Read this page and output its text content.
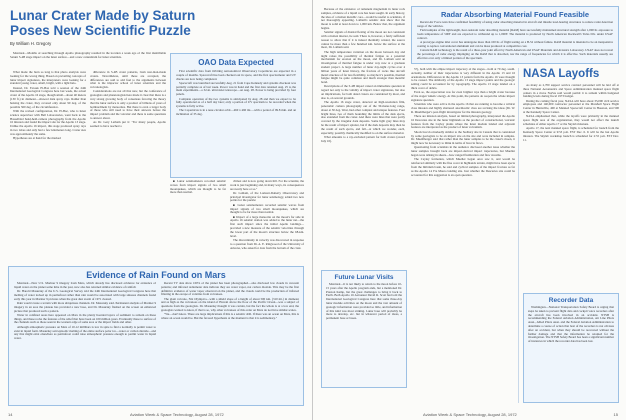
Lunar Crater Made by Saturn
Poses New Scientific Puzzle
By William H. Gregory

Montreal—Months of searching through Apollo photography resulted in the location a week ago of the first identifiable Saturn S-4B stage impact on the lunar surface—and a new conundrum for lunar scientists.

What made the burn so long is that photo analysts were looking for the wrong thing. Based on prevailing concepts of lunar impact signatures, the interpreters were looking for a standard young crater, small, bright, with a light halo.

Instead, Dr. Farouk El-Baz told a session of the 24th International Geological Congress here last week, the actual crater of the Apollo 16 stage, though small—about 40 meters (130 ft.) in diameter—showed dark spray rays. Rather than haloing the crater, they covered only about 90 deg. of the possible 360 deg. of the circumference.

With the revised configuration, Dr. El-Baz, who is lunar science supervisor with Bell Laboratories, went back to the Hasselblad hand-held-camera photography from the Apollo 16 mission and found the impact site for the Apollo 13 stage. Unlike the Apollo 16 impact, this stage produced spray rays in two lobes and only had a few kilometers long. Crater size was approximately the same.

Hypotheses are at hand for the marked

difference in S-4B crater patterns, from non-man-made craters. Nevertheless, until these are accepted, the differences are said to add fuel to the arguments between what is the impactor school of lunar scientists and the volcanologists.

Considerations are not all that new, but the conference of geologists and planetologists here made it clear that there is a very strong growing body of consensus favoring the theory that the lunar surface is only a product of billions of years of bombardment by meteorites. But there is even a larger body of those who still need to have their answers before the impact problem and the volcanic and there is some questions to answer about.

As Dr. Gary Latham put it: "For many people, Apollo seemed to have reached a

OAO Data Expected

First scientific data from Orbiting Astronomical Observatory Copernicus are expected in a couple of months. Spacecraft has been checked out in space, and the first spectrometer and UV checks are now being completed.

Spacecraft was launched successfully Aug. 21 from Cape Kennedy and systems checkout was partially complete as of last week. Power was in hand and the first data returned Aug. 25 to the main experiments—a 32-in. ultraviolet telescope—on Aug. 28. Power is being provided by four panels.

Complete operation of the two systems is anticipated by Aug. 28 and then we expect to be fully operational as of a half day later; only a portion of UV spectrum to be recorded when the systems is fully active.

The Copernicus is in a near-circular orbit—460 x 460 mi.—with a period of 99.8 min. and an inclination of 35 deg.

climax and is now going down hill. For the scientist, the work is just beginning and, in many ways, its consequences are nearly here or so."

Dr. Latham, of the Lamont-Doherty Observatory and principal investigator for lunar seismology, added two new points for the puzzle:

■ Lunar seismometers recorded seismic waves from impact signals of two small moonquakes, which are thought to be far more than normal.

■ Impact of a large meteorite on the moon's far side in Apollo 16 seismic station was added to the lunar net—the first such impact since the initial Apollo landings—provided a new measure of the seismic velocities through the lower part of the moon's structure below the 68-km. level.

The discontinuity in velocity was discovered in response to a question from Dr. A. E. Ringwood of the University of Arizona, who asked for data from the bottom of the crust.

■ Lunar seismometers recorded seismic waves from impact signals of two small moonquakes, which are thought to be far more than normal.

Evidence of Rain Found on Mars

Montreal—New U.S. Mariner 9 imagery from Mars, which already has disclosed evidence for existence of liquid water on the planet some time in the past, now also has returned similar evidence of rainfall.

Dr. Harold Masursky of the U.S. Geological Survey told the 24th International Geological Congress here that melting of water locked up in permafrost rather than rain would be associated with large sinuous channels found early this year in Mariner 9 pictures when the great dust storm of 1971 cleared.

Rain would create a terrain with more ubiquitous channels. Dr. Masursky said. Permanent analysis of Mariner 9 imagery in an area the plateau has provided a new base, and Dr. Masursky flashed on the screen an enhanced picture that produced such a pattern.

Water in confined areas here appeared on Mars in the plenty hoarded layers of sediment to remain on these things, and these rocks the features of the relief that have been on 100 million years. Eventually these to surface of the channels such as those seen in the western edge of some area or the impact fields and other.

Although atmospheric pressure on Mars of 10-12 millibars is low in spite to find a normally is permit water to exist in liquid form. Masursky said episodic melting of the entire surface polar ice—water or carbon dioxide—and any that might exist elsewhere as permafrost could raise atmospheric pressure enough to permit water in liquid water.

Recent TV data show 100% of the planet has been photographed—also disclosed low clouds in crescent patterns; and infrared radiometer data indicate they are water vapor, not carbon dioxide. This may be the first definitive evidence of water vapor observed on the planet, and the clouds could be the production of infrared filtering in the escape of volatiles from volcanoes.

The giant volcano, Nix Olympica—with a shield slope of a height of about 500 km. (310 mi.) in diameter and as high as the volcanoes on the island of Hawaii above the floor of the Pacific Ocean—was a subject of questions from the geologists. Dr. Masursky thought it was certain, but the fact the whole is at a low end, the geologists wanted to know, if that is so, why other volcanoes of this order on Mars do not have similar scales.

"We—don't know. There are large implications if this is a seismic drill. If there was an ocean on Mars, this is where an ocean would be. But the favored hypothesis at the moment is that it is sedimentary."

14	Aviation Week & Space Technology, August 28, 1972

Because of the existence of remanent magnetism in lunar rock samples, evidence of a liquid core has been sought. In early history, the idea of a molten metallic core—would be useful to scientists, if not thoroughly appealing. Latham's seismic data show that the moon is solid at least down to 1,000 km. Below that, the argument begins.

Seismic signals of diurnal flexing of the moon are not consistent with a molten interior, he said. There is, however, a fairly sufficient reason to allow that if it is indeed thermally related, the source cannot be more than a few hundred km. below the surface at the most, Dr. Latham said.

The high temperature variation on the moon between day and night raises the possibility of thermal fatigue as a potential mechanism for erosion on the moon, and Dr. Latham said an investigation of thermal fatigue is under way now at a graduate student project. A large number of lunar day-night cycles over 4 billion years of lunar history, the fracture of rocks like aircraft metal structure of far less flexibility, so maybe it's possible, thermal fatigue might be quite common and much stronger than metallic bond.

Descriptions of the S-4B impact raised an immediate question in regard not only to the validity of impact crater signatures, but also on implications, for both dated craters are considered by most, and also is, on several grounds.

The Apollo 16 stage crater, detected on high-resolution film, panoramic camera photography out of the 30-meter-long range, about at 30 deg. West, had other complex and unique features. Four bright lines, two of them bounding the limits of the dark ejecta, also extended from the crater. And there were lines that were partly covered by the irregular dark deposits. Some light gray lines may be the result of impact splatter, but if the dark deposits may then be the result of such ejecta, and fall—at which we wonder, each, especially, possibly chemically modified to on the surface material.

What amounts to a ray-excluded pattern for both craters (award July 10).

Radar Absorbing Material Found Feasible

Recent Air Force tests have confirmed feasibility of using radar absorbing material in aircraft and missile load-bearing structures to reduce radar detection range of the vehicles.

Field samples of the lightweight, heat-resistant radar absorbing material (RAM) have successfully maintained structural strength after 1,000 hr. exposure to loads temperature of 500F and are expected to withstand up to 1,000F. The material is produced by North American Rockwell's Tulsa Div. under USAF contract.

A prototype engine inlet cover has undergone more than 100 hr. of flight testing on a B-52 without failure. RAM material is intended to be an inexpensive coating to replace conventional aluminum and can be mass produced at competitive cost.

Current RAM technology is the result of a three-year joint effort by North American and USAF Materials and Avionics Laboratory. USAF does not reveal the percentage of radar energy impinging on the RAM that is absorbed, nor the range of frequencies for which it is effective. Such materials usually are effective over only a limited portion of the spectrum.

57), both with the ellipse impact trajectory of the stages—both at 79 deg. south. Actually, neither of their trajectories is very different in the Apollo 13 and 16 orientations. Differences in the Apollo 13 pattern from the Apollo 16 were thought to be caused. The similarity of the Apollo 13 stage impact points and the geologic setting could be accounted for by topography. The Apollo 13 stage landed on a thick cover of debris.

Even so, the expectation was for even brighter rays than a bright crater because of the stages' kinetic energy. At this point, the patterns do reopen the whole impact signature question.

Scientists who were active in the Apollo 16 that are running to become a wildcat class mission and highly shattered anorthositic class are revising the ideas (Dr. W. R. Muehlberger's post-flight investigator for the mission geology.

There are mission analysts, based on limited photography, interpreted the Apollo 16 Descartes site in the lunar highlands as the product of constructional, volcanic features from the Cayley plains where the lunar module landed and adjacent features are interpreted as the product of lunar volcanism.

Shock breccia markedly similar to the Sudbury site in Canada that is considered by some geologists to be an impact site on the site and were included in samples. Dr. Muehlberger said that rather than the lunar samples to be the crater's moon, it might now be necessary to think in terms of breccia flows.

Questioning from scientists in the audience disclosed another issue whether the lunar samples brought back are impact-derived impact trajectories, but Mueller began were talking in sheets—how ranged fluidization and flow streams.

The Cayley formation, which Mueller began once saw it, and would be reinforced similarly with the fine cover in highlands terrain, might have been ejecta from the Imbrium basin, he said and cyclical samples of the impact fracture as far as the Apollo 14 Fra Mauro landing site. Just whether the Descartes site could be accounted for this suggestion is an open question.

NASA Layoffs

As many as 2,700 support service contract personnel will be laid off at three National Aeronautics and Space Administration manned space flight centers in a move NASA said would permit it to remain within budgeted funding levels during fiscal 1973 budget.

During the coming fiscal year, NASA will have about 35,000 civil service employees and 140,000 contractor personnel at the Marshall Space Flight Center in Huntsville, 400 at Manned Spacecraft Center in Houston, and 500 at the Kennedy Space Center.

NASA emphasized that, while the layoffs were primarily in the manned space flight area of the organization, they would not affect the launch schedules of either Apollo 17 or the Skylab missions.

Apollo 17, the next manned space flight, is scheduled for launch from the Kennedy Space Center at 9:53 p.m. EST Dec. 6. It will be the last Apollo mission. The Skylab workshop launch is scheduled for 2:55 p.m. EST Dec. 11.

Future Lunar Visits

Montreal—It is not likely to return to the moon before 10-15 years after the Apollo program ends, but a mentioned Dr. Preston Kemp, but the great challenges to bring it back to Earth. Both Apollo 16 Astronaut David R. Scott had told the International Geological Congress here that some three-day lunar module activities on the moon and the vast amount of geologic information were provided so little, and information of this kind was most striking. Lunar base will probably be more to develop, etc. but in whatever period of ideas, a permanent base or bases.

Recorder Data

Washington—National Transportation Safety Board is urging that steps be taken to prevent flight data and cockpit voice recorders after the aircraft has been involved in an accident. NTSB is recommending the Federal Aviation Administration, Air Line Pilots Assn., Allied Pilots Assn. and the Federal Aviation Administration to determine a course of action that best of the recorders is not obvious after an accident, but when they should be recovered without the further damage and that the information be retained for the investigation. The NTSB Safety Board has been a significant number of instances in which the recorder data has been lost.

Aviation Week & Space Technology, August 28, 1972	15
